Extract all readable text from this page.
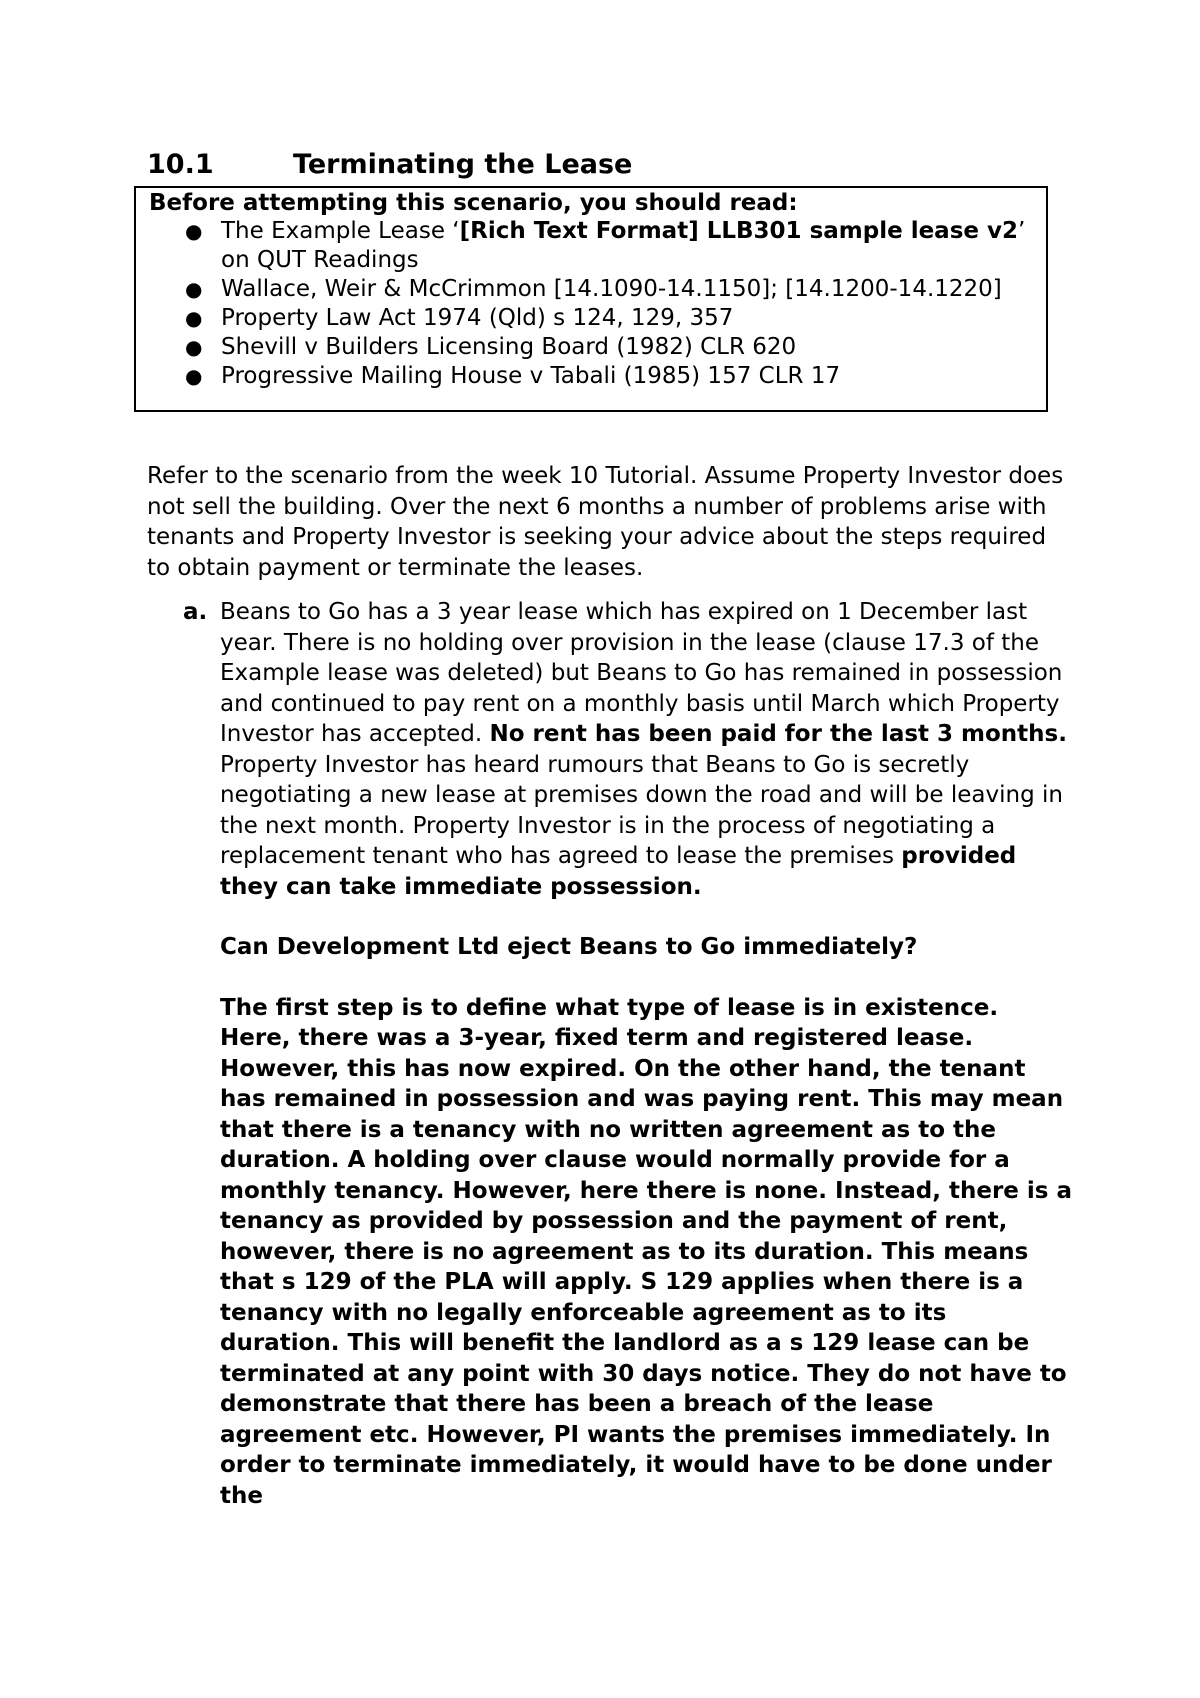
10.1	Terminating the Lease

Before attempting this scenario, you should read:

● The Example Lease ‘[Rich Text Format] LLB301 sample lease v2’ on QUT Readings
● Wallace, Weir & McCrimmon [14.1090-14.1150]; [14.1200-14.1220]
● Property Law Act 1974 (Qld) s 124, 129, 357
● Shevill v Builders Licensing Board (1982) CLR 620
● Progressive Mailing House v Tabali (1985) 157 CLR 17
Refer to the scenario from the week 10 Tutorial. Assume Property Investor does not sell the building. Over the next 6 months a number of problems arise with tenants and Property Investor is seeking your advice about the steps required to obtain payment or terminate the leases.
a. Beans to Go has a 3 year lease which has expired on 1 December last year. There is no holding over provision in the lease (clause 17.3 of the Example lease was deleted) but Beans to Go has remained in possession and continued to pay rent on a monthly basis until March which Property Investor has accepted. No rent has been paid for the last 3 months. Property Investor has heard rumours that Beans to Go is secretly negotiating a new lease at premises down the road and will be leaving in the next month. Property Investor is in the process of negotiating a replacement tenant who has agreed to lease the premises provided they can take immediate possession.
Can Development Ltd eject Beans to Go immediately?
The first step is to define what type of lease is in existence. Here, there was a 3-year, fixed term and registered lease. However, this has now expired. On the other hand, the tenant has remained in possession and was paying rent. This may mean that there is a tenancy with no written agreement as to the duration. A holding over clause would normally provide for a monthly tenancy. However, here there is none. Instead, there is a tenancy as provided by possession and the payment of rent, however, there is no agreement as to its duration. This means that s 129 of the PLA will apply. S 129 applies when there is a tenancy with no legally enforceable agreement as to its duration. This will benefit the landlord as a s 129 lease can be terminated at any point with 30 days notice. They do not have to demonstrate that there has been a breach of the lease agreement etc. However, PI wants the premises immediately. In order to terminate immediately, it would have to be done under the
